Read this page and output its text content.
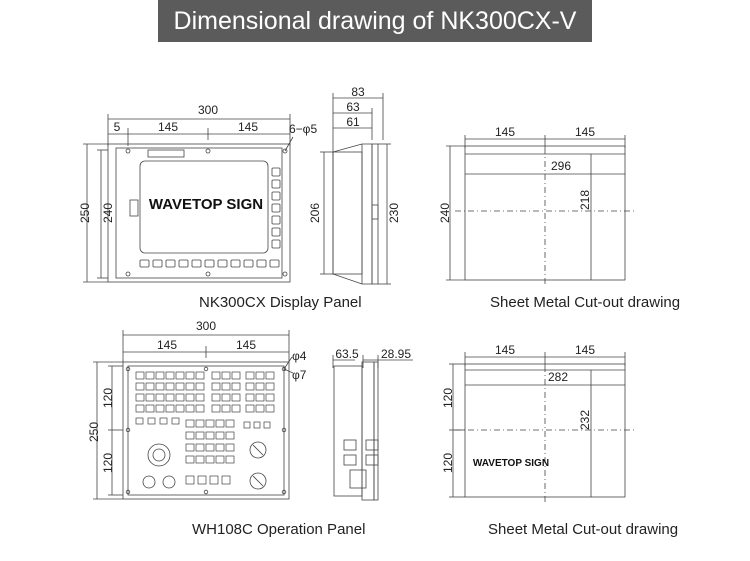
Dimensional drawing of NK300CX-V
300
5	145	145	6−φ5
250 240 WAVETOP SIGN
83
63
61
206	230
145	145
296
240
218
300
145	145
φ4
φ7
250
120
120
63.5 28.95	145	145
282
120
120
232
WAVETOP SIGN
NK300CX Display Panel	Sheet Metal Cut-out drawing
WH108C Operation Panel	Sheet Metal Cut-out drawing
